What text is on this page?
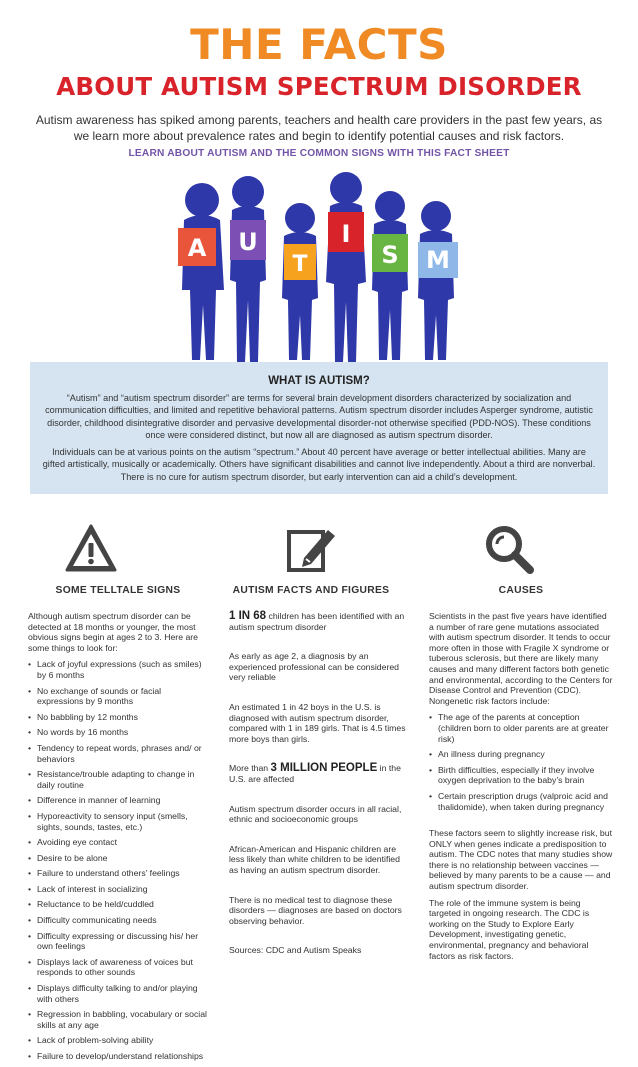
THE FACTS
ABOUT AUTISM SPECTRUM DISORDER
Autism awareness has spiked among parents, teachers and health care providers in the past few years, as we learn more about prevalence rates and begin to identify potential causes and risk factors.
LEARN ABOUT AUTISM AND THE COMMON SIGNS WITH THIS FACT SHEET
A U
T
I
S M
WHAT IS AUTISM?
“Autism” and “autism spectrum disorder” are terms for several brain development disorders characterized by socialization and communication difficulties, and limited and repetitive behavioral patterns. Autism spectrum disorder includes Asperger syndrome, autistic disorder, childhood disintegrative disorder and pervasive developmental disorder-not otherwise specified (PDD-NOS). These conditions once were considered distinct, but now all are diagnosed as autism spectrum disorder.
Individuals can be at various points on the autism “spectrum.” About 40 percent have average or better intellectual abilities. Many are gifted artistically, musically or academically. Others have significant disabilities and cannot live independently. About a third are nonverbal. There is no cure for autism spectrum disorder, but early intervention can aid a child’s development.
SOME TELLTALE SIGNS	AUTISM FACTS AND FIGURES	CAUSES

Although autism spectrum disorder can be detected at 18 months or younger, the most obvious signs begin at ages 2 to 3. Here are some things to look for:

• Lack of joyful expressions (such as smiles) by 6 months
• No exchange of sounds or facial expressions by 9 months
• No babbling by 12 months
• No words by 16 months
• Tendency to repeat words, phrases and/ or behaviors
• Resistance/trouble adapting to change in daily routine
• Difference in manner of learning
• Hyporeactivity to sensory input (smells, sights, sounds, tastes, etc.)
• Avoiding eye contact
• Desire to be alone
• Failure to understand others’ feelings
• Lack of interest in socializing
• Reluctance to be held/cuddled
• Difficulty communicating needs
• Difficulty expressing or discussing his/ her own feelings
• Displays lack of awareness of voices but responds to other sounds
• Displays difficulty talking to and/or playing with others
• Regression in babbling, vocabulary or social skills at any age
• Lack of problem-solving ability
• Failure to develop/understand relationships

1 IN 68 children has been identified with an autism spectrum disorder

As early as age 2, a diagnosis by an experienced professional can be considered very reliable

An estimated 1 in 42 boys in the U.S. is diagnosed with autism spectrum disorder, compared with 1 in 189 girls. That is 4.5 times more boys than girls.

More than 3 MILLION PEOPLE in the U.S. are affected

Autism spectrum disorder occurs in all racial, ethnic and socioeconomic groups

African-American and Hispanic children are less likely than white children to be identified as having an autism spectrum disorder.

There is no medical test to diagnose these disorders — diagnoses are based on doctors observing behavior.

Sources: CDC and Autism Speaks

Scientists in the past five years have identified a number of rare gene mutations associated with autism spectrum disorder. It tends to occur more often in those with Fragile X syndrome or tuberous sclerosis, but there are likely many causes and many different factors both genetic and environmental, according to the Centers for Disease Control and Prevention (CDC). Nongenetic risk factors include:

• The age of the parents at conception (children born to older parents are at greater risk)
• An illness during pregnancy
• Birth difficulties, especially if they involve oxygen deprivation to the baby’s brain
• Certain prescription drugs (valproic acid and thalidomide), when taken during pregnancy

These factors seem to slightly increase risk, but ONLY when genes indicate a predisposition to autism. The CDC notes that many studies show there is no relationship between vaccines — believed by many parents to be a cause — and autism spectrum disorder.

The role of the immune system is being targeted in ongoing research. The CDC is working on the Study to Explore Early Development, investigating genetic, environmental, pregnancy and behavioral factors as risk factors.
